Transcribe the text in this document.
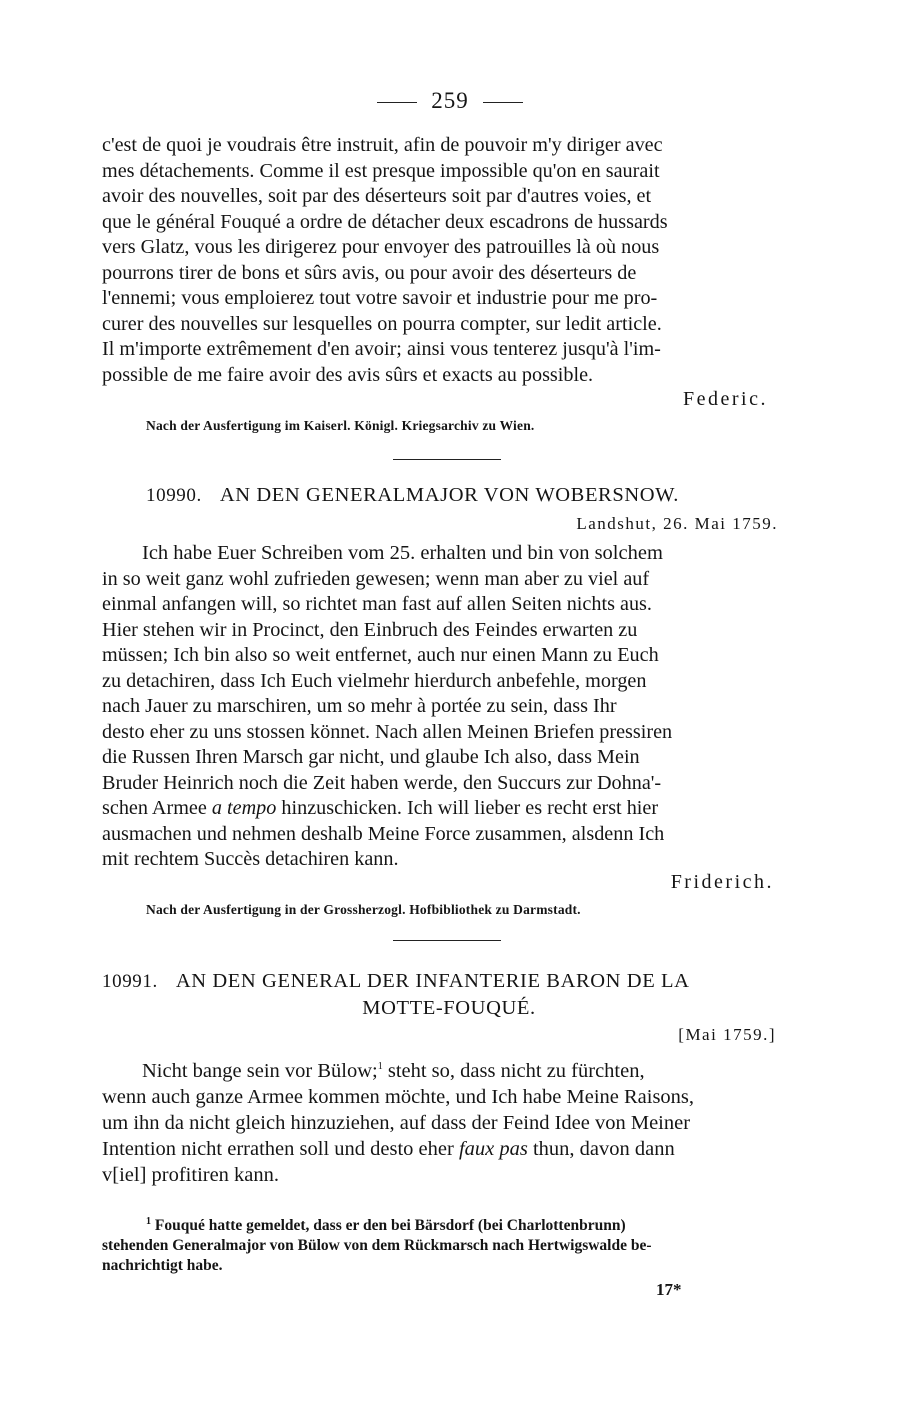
259
c'est de quoi je voudrais être instruit, afin de pouvoir m'y diriger avec
mes détachements. Comme il est presque impossible qu'on en saurait
avoir des nouvelles, soit par des déserteurs soit par d'autres voies, et
que le général Fouqué a ordre de détacher deux escadrons de hussards
vers Glatz, vous les dirigerez pour envoyer des patrouilles là où nous
pourrons tirer de bons et sûrs avis, ou pour avoir des déserteurs de
l'ennemi; vous emploierez tout votre savoir et industrie pour me pro-
curer des nouvelles sur lesquelles on pourra compter, sur ledit article.
Il m'importe extrêmement d'en avoir; ainsi vous tenterez jusqu'à l'im-
possible de me faire avoir des avis sûrs et exacts au possible.
Federic.
Nach der Ausfertigung im Kaiserl. Königl. Kriegsarchiv zu Wien.
10990. AN DEN GENERALMAJOR VON WOBERSNOW.
Landshut, 26. Mai 1759.
Ich habe Euer Schreiben vom 25. erhalten und bin von solchem
in so weit ganz wohl zufrieden gewesen; wenn man aber zu viel auf
einmal anfangen will, so richtet man fast auf allen Seiten nichts aus.
Hier stehen wir in Procinct, den Einbruch des Feindes erwarten zu
müssen; Ich bin also so weit entfernet, auch nur einen Mann zu Euch
zu detachiren, dass Ich Euch vielmehr hierdurch anbefehle, morgen
nach Jauer zu marschiren, um so mehr à portée zu sein, dass Ihr
desto eher zu uns stossen könnet. Nach allen Meinen Briefen pressiren
die Russen Ihren Marsch gar nicht, und glaube Ich also, dass Mein
Bruder Heinrich noch die Zeit haben werde, den Succurs zur Dohna'-
schen Armee a tempo hinzuschicken. Ich will lieber es recht erst hier
ausmachen und nehmen deshalb Meine Force zusammen, alsdenn Ich
mit rechtem Succès detachiren kann.
Friderich.
Nach der Ausfertigung in der Grossherzogl. Hofbibliothek zu Darmstadt.
10991. AN DEN GENERAL DER INFANTERIE BARON DE LA
MOTTE-FOUQUÉ.
[Mai 1759.]
Nicht bange sein vor Bülow;$^1$ steht so, dass nicht zu fürchten,
wenn auch ganze Armee kommen möchte, und Ich habe Meine Raisons,
um ihn da nicht gleich hinzuziehen, auf dass der Feind Idee von Meiner
Intention nicht errathen soll und desto eher faux pas thun, davon dann
v[iel] profitiren kann.
$^1$ Fouqué hatte gemeldet, dass er den bei Bärsdorf (bei Charlottenbrunn)
stehenden Generalmajor von Bülow von dem Rückmarsch nach Hertwigswalde be-
nachrichtigt habe.
17*
